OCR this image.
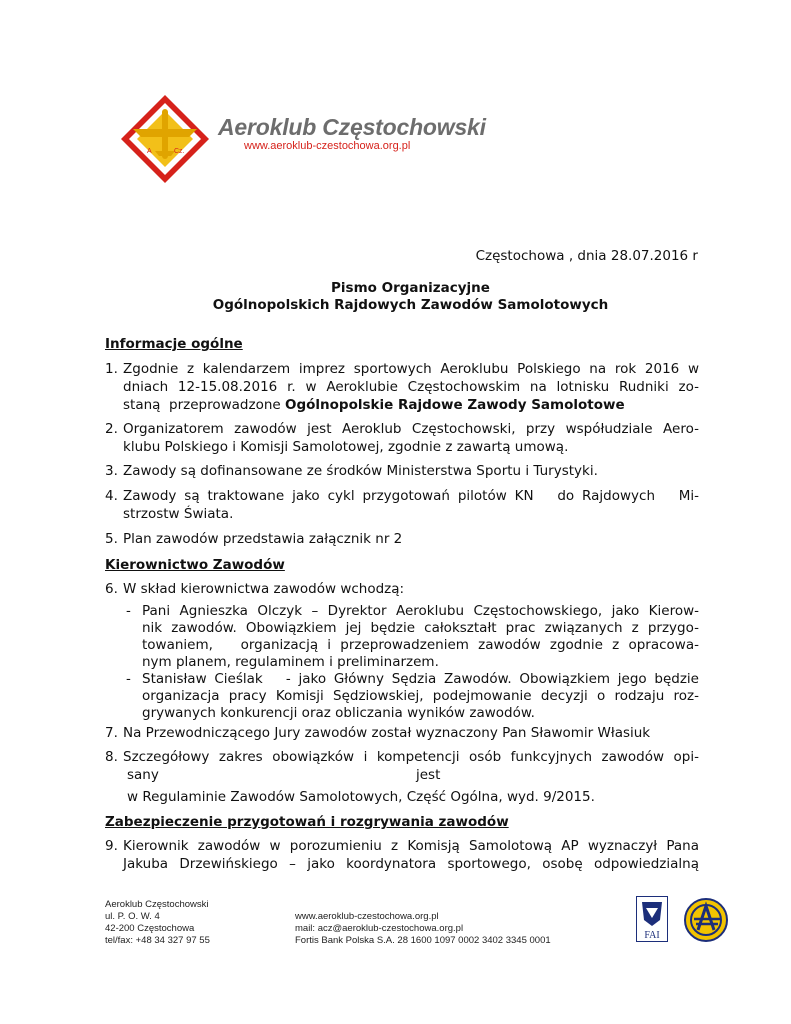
A	Cz.
Aeroklub Częstochowski
www.aeroklub-czestochowa.org.pl
Częstochowa , dnia 28.07.2016 r
Pismo Organizacyjne
Ogólnopolskich Rajdowych Zawodów Samolotowych
Informacje ogólne
1. Zgodnie z kalendarzem imprez sportowych Aeroklubu Polskiego na rok 2016 w
dniach 12-15.08.2016 r. w Aeroklubie Częstochowskim na lotnisku Rudniki zo-
staną  przeprowadzone Ogólnopolskie Rajdowe Zawody Samolotowe
2. Organizatorem zawodów jest Aeroklub Częstochowski, przy współudziale Aero-
klubu Polskiego i Komisji Samolotowej, zgodnie z zawartą umową.
3. Zawody są dofinansowane ze środków Ministerstwa Sportu i Turystyki.
4. Zawody są traktowane jako cykl przygotowań pilotów KN   do Rajdowych   Mi-
strzostw Świata.
5. Plan zawodów przedstawia załącznik nr 2
Kierownictwo Zawodów
6. W skład kierownictwa zawodów wchodzą:
- Pani Agnieszka Olczyk – Dyrektor Aeroklubu Częstochowskiego, jako Kierow-
nik zawodów. Obowiązkiem jej będzie całokształt prac związanych z przygo-
towaniem,   organizacją i przeprowadzeniem zawodów zgodnie z opracowa-
nym planem, regulaminem i preliminarzem.
- Stanisław Cieślak   - jako Główny Sędzia Zawodów. Obowiązkiem jego będzie
organizacja pracy Komisji Sędziowskiej, podejmowanie decyzji o rodzaju roz-
grywanych konkurencji oraz obliczania wyników zawodów.
7. Na Przewodniczącego Jury zawodów został wyznaczony Pan Sławomir Własiuk
8. Szczegółowy zakres obowiązków i kompetencji osób funkcyjnych zawodów opi-
sany	jest
w Regulaminie Zawodów Samolotowych, Część Ogólna, wyd. 9/2015.
Zabezpieczenie przygotowań i rozgrywania zawodów
9. Kierownik zawodów w porozumieniu z Komisją Samolotową AP wyznaczył Pana
Jakuba Drzewińskiego – jako koordynatora sportowego, osobę odpowiedzialną
Aeroklub Częstochowski
ul. P. O. W. 4
42-200 Częstochowa
tel/fax: +48 34 327 97 55
www.aeroklub-czestochowa.org.pl
mail: acz@aeroklub-czestochowa.org.pl
Fortis Bank Polska S.A. 28 1600 1097 0002 3402 3345 0001	FAI
